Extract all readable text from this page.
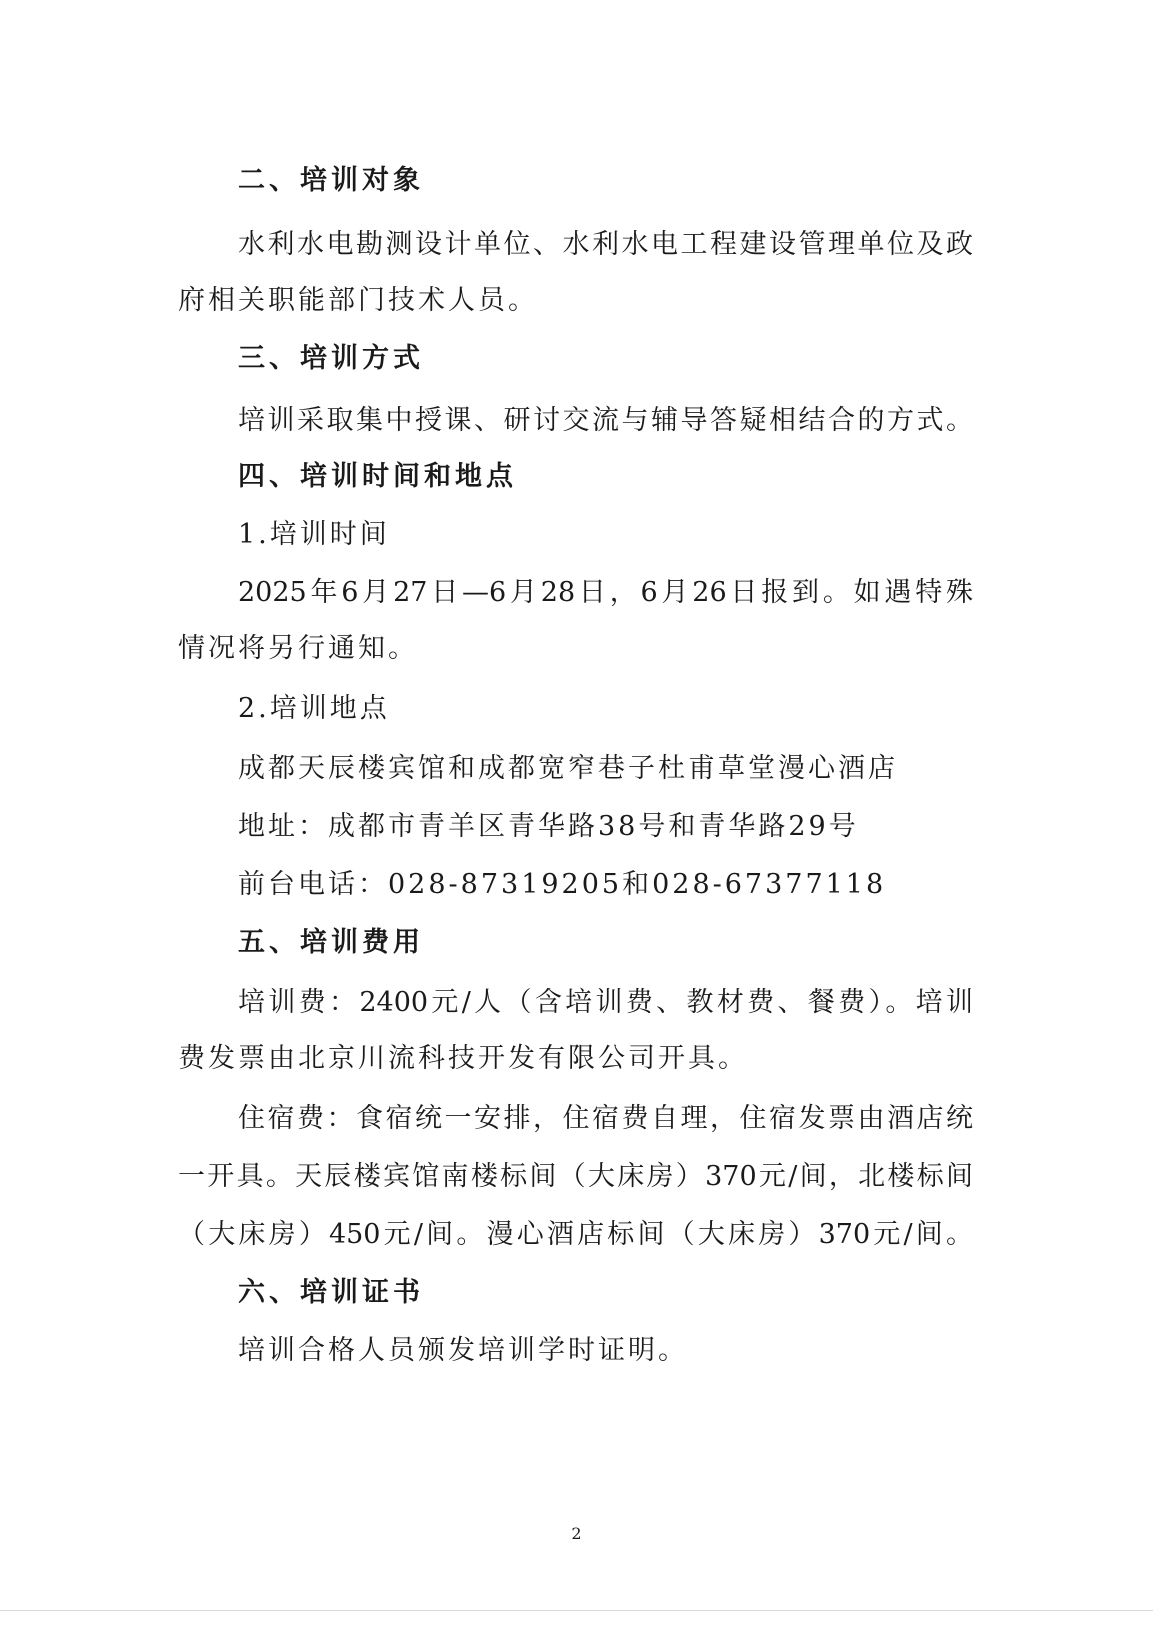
二、培训对象
水利水电勘测设计单位、水利水电工程建设管理单位及政
府相关职能部门技术人员。
三、培训方式
培训采取集中授课、研讨交流与辅导答疑相结合的方式。
四、培训时间和地点
1.培训时间
2025年6月27日—6月28日，6月26日报到。如遇特殊
情况将另行通知。
2.培训地点
成都天辰楼宾馆和成都宽窄巷子杜甫草堂漫心酒店
地址：成都市青羊区青华路38号和青华路29号
前台电话：028-87319205和028-67377118
五、培训费用
培训费：2400元/人（含培训费、教材费、餐费）。培训
费发票由北京川流科技开发有限公司开具。
住宿费：食宿统一安排，住宿费自理，住宿发票由酒店统
一开具。天辰楼宾馆南楼标间（大床房）370元/间，北楼标间
（大床房）450元/间。漫心酒店标间（大床房）370元/间。
六、培训证书
培训合格人员颁发培训学时证明。
2
